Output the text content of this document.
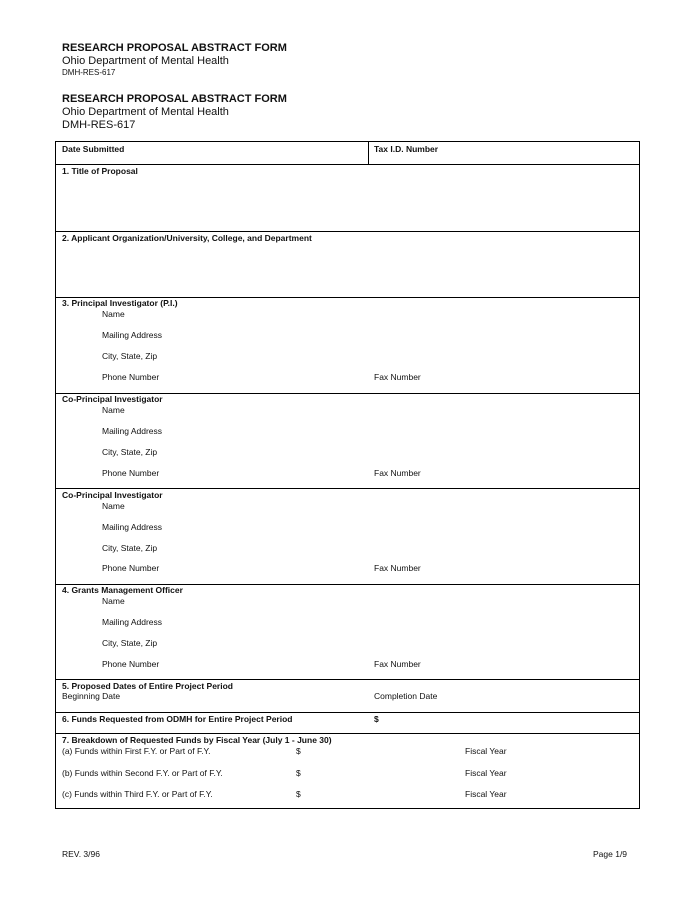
RESEARCH PROPOSAL ABSTRACT FORM
Ohio Department of Mental Health
DMH-RES-617
RESEARCH PROPOSAL ABSTRACT FORM
Ohio Department of Mental Health
DMH-RES-617
Date Submitted	Tax I.D. Number
1. Title of Proposal
2. Applicant Organization/University, College, and Department
3. Principal Investigator (P.I.)
Name
Mailing Address
City, State, Zip
Phone Number	Fax Number
Co-Principal Investigator
Name
Mailing Address
City, State, Zip
Phone Number	Fax Number
Co-Principal Investigator
Name
Mailing Address
City, State, Zip
Phone Number	Fax Number
4. Grants Management Officer
Name
Mailing Address
City, State, Zip
Phone Number	Fax Number
5. Proposed Dates of Entire Project Period
Beginning Date	Completion Date
6. Funds Requested from ODMH for Entire Project Period	$
7. Breakdown of Requested Funds by Fiscal Year (July 1 - June 30)
(a) Funds within First F.Y. or Part of F.Y.	$	Fiscal Year
(b) Funds within Second F.Y. or Part of F.Y.	$	Fiscal Year
(c) Funds within Third F.Y. or Part of F.Y.	$	Fiscal Year
REV. 3/96	Page 1/9
